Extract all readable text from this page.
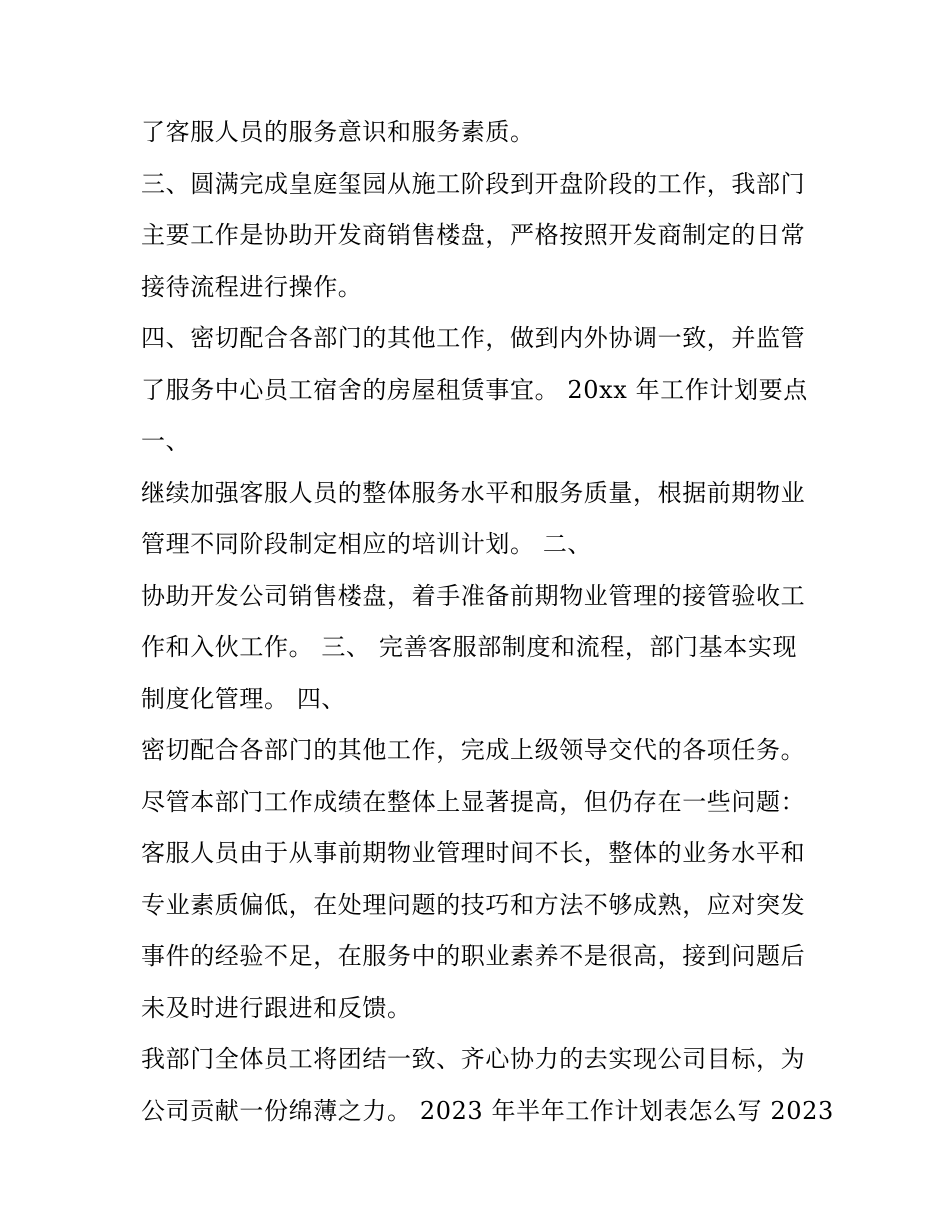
了客服人员的服务意识和服务素质。
三、圆满完成皇庭玺园从施工阶段到开盘阶段的工作，我部门
主要工作是协助开发商销售楼盘，严格按照开发商制定的日常
接待流程进行操作。
四、密切配合各部门的其他工作，做到内外协调一致，并监管
了服务中心员工宿舍的房屋租赁事宜。 20xx 年工作计划要点
一、
继续加强客服人员的整体服务水平和服务质量，根据前期物业
管理不同阶段制定相应的培训计划。 二、
协助开发公司销售楼盘，着手准备前期物业管理的接管验收工
作和入伙工作。 三、 完善客服部制度和流程，部门基本实现
制度化管理。 四、
密切配合各部门的其他工作，完成上级领导交代的各项任务。
尽管本部门工作成绩在整体上显著提高，但仍存在一些问题：
客服人员由于从事前期物业管理时间不长，整体的业务水平和
专业素质偏低，在处理问题的技巧和方法不够成熟，应对突发
事件的经验不足，在服务中的职业素养不是很高，接到问题后
未及时进行跟进和反馈。
我部门全体员工将团结一致、齐心协力的去实现公司目标，为
公司贡献一份绵薄之力。 2023 年半年工作计划表怎么写 2023
